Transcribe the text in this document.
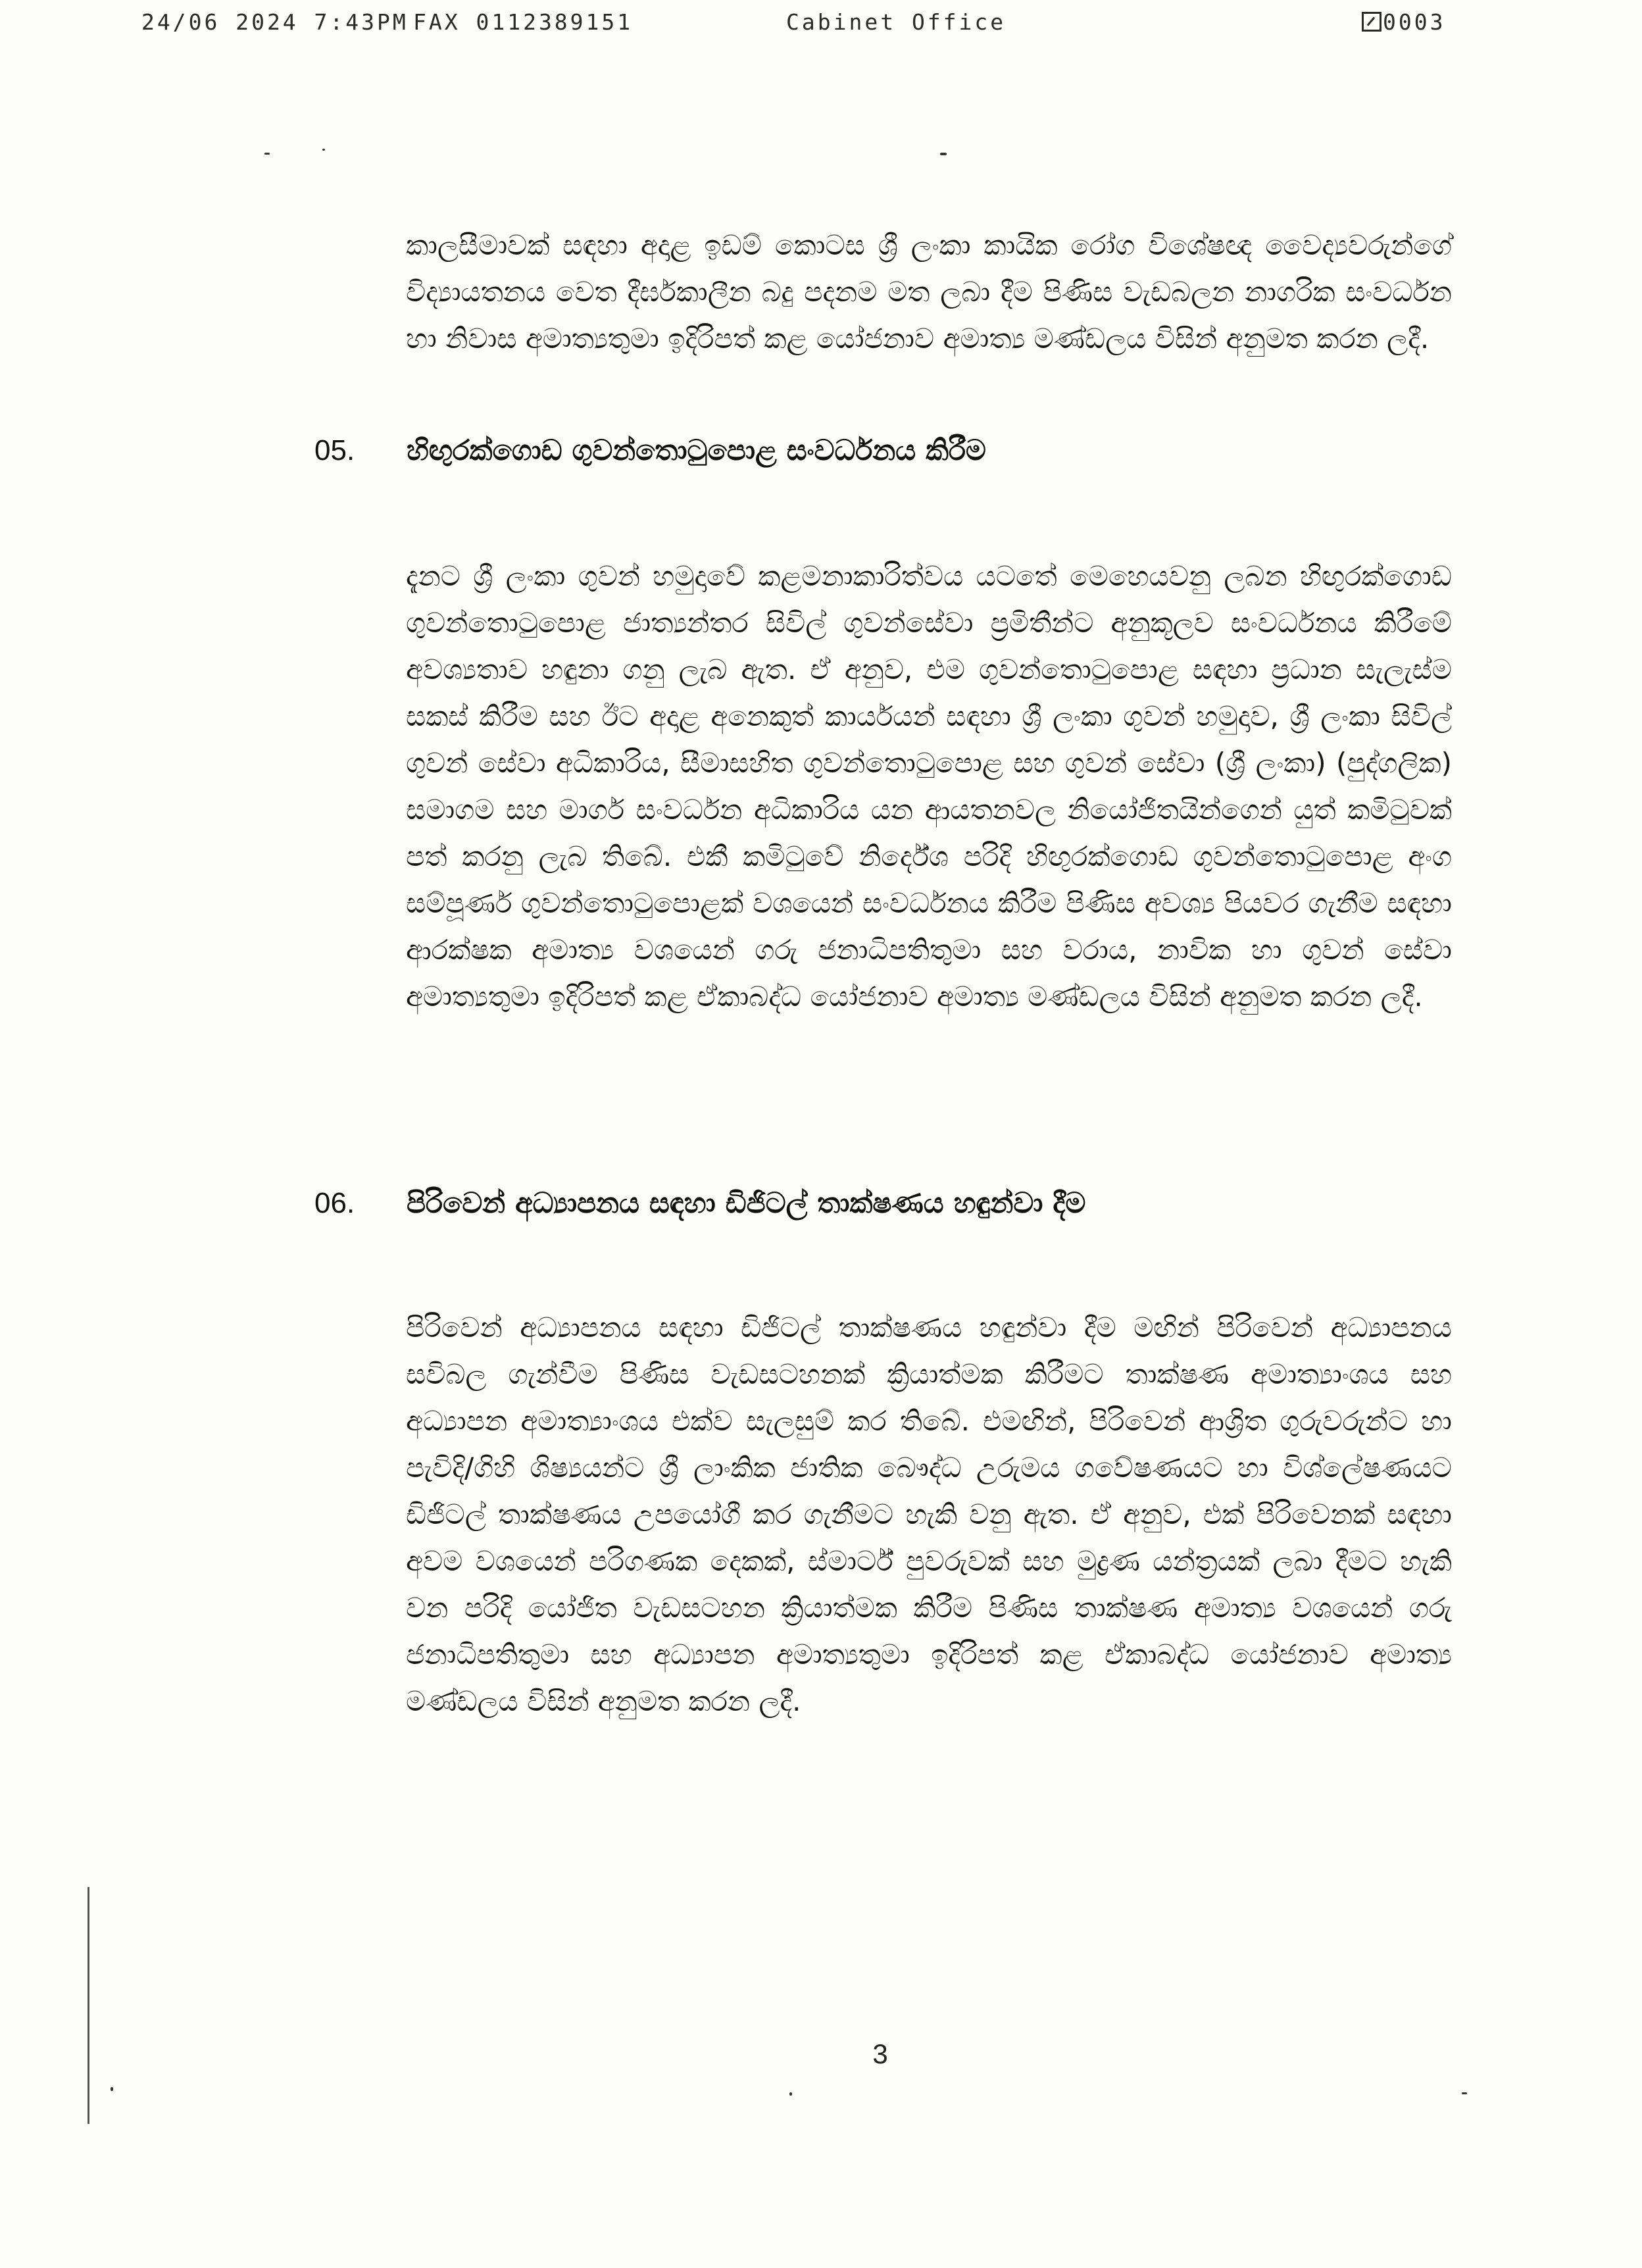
24/06 2024 7:43PM FAX 0112389151	Cabinet Office	0003

කාලසීමාවක් සඳහා අදාළ ඉඩම් කොටස ශ්‍රී ලංකා කායික රෝග විශේෂඥ වෛද්‍යවරුන්ගේ විද්‍යායතනය වෙත දීර්ඝකාලීන බදු පදනම මත ලබා දීම පිණිස වැඩබලන නාගරික සංවර්ධන හා නිවාස අමාත්‍යතුමා ඉදිරිපත් කළ යෝජනාව අමාත්‍ය මණ්ඩලය විසින් අනුමත කරන ලදී.

05. හිඟුරක්ගොඩ ගුවන්තොටුපොළ සංවර්ධනය කිරීම

දැනට ශ්‍රී ලංකා ගුවන් හමුදාවේ කළමනාකාරිත්වය යටතේ මෙහෙයවනු ලබන හිඟුරක්ගොඩ ගුවන්තොටුපොළ ජාත්‍යන්තර සිවිල් ගුවන්සේවා ප්‍රමිතීන්ට අනුකූලව සංවර්ධනය කිරීමේ අවශ්‍යතාව හඳුනා ගනු ලැබ ඇත. ඒ අනුව, එම ගුවන්තොටුපොළ සඳහා ප්‍රධාන සැලැස්ම සකස් කිරීම සහ ඊට අදාළ අනෙකුත් කාර්යයන් සඳහා ශ්‍රී ලංකා ගුවන් හමුදාව, ශ්‍රී ලංකා සිවිල් ගුවන් සේවා අධිකාරිය, සීමාසහිත ගුවන්තොටුපොළ සහ ගුවන් සේවා (ශ්‍රී ලංකා) (පුද්ගලික) සමාගම සහ මාර්ග සංවර්ධන අධිකාරිය යන ආයතනවල නියෝජිතයින්ගෙන් යුත් කමිටුවක් පත් කරනු ලැබ තිබේ. එකී කමිටුවේ නිර්දේශ පරිදි හිඟුරක්ගොඩ ගුවන්තොටුපොළ අංග සම්පූර්ණ ගුවන්තොටුපොළක් වශයෙන් සංවර්ධනය කිරීම පිණිස අවශ්‍ය පියවර ගැනීම සඳහා ආරක්ෂක අමාත්‍ය වශයෙන් ගරු ජනාධිපතිතුමා සහ වරාය, නාවික හා ගුවන් සේවා අමාත්‍යතුමා ඉදිරිපත් කළ ඒකාබද්ධ යෝජනාව අමාත්‍ය මණ්ඩලය විසින් අනුමත කරන ලදී.

06. පිරිවෙන් අධ්‍යාපනය සඳහා ඩිජිටල් තාක්ෂණය හඳුන්වා දීම

පිරිවෙන් අධ්‍යාපනය සඳහා ඩිජිටල් තාක්ෂණය හඳුන්වා දීම මඟින් පිරිවෙන් අධ්‍යාපනය සවිබල ගැන්වීම පිණිස වැඩසටහනක් ක්‍රියාත්මක කිරීමට තාක්ෂණ අමාත්‍යාංශය සහ අධ්‍යාපන අමාත්‍යාංශය එක්ව සැලසුම් කර තිබේ. එමඟින්, පිරිවෙන් ආශ්‍රිත ගුරුවරුන්ට හා පැවිදි/ගිහි ශිෂ්‍යයන්ට ශ්‍රී ලාංකික ජාතික බෞද්ධ උරුමය ගවේෂණයට හා විශ්ලේෂණයට ඩිජිටල් තාක්ෂණය උපයෝගී කර ගැනීමට හැකි වනු ඇත. ඒ අනුව, එක් පිරිවෙනක් සඳහා අවම වශයෙන් පරිගණක දෙකක්, ස්මාර්ට් පුවරුවක් සහ මුද්‍රණ යන්ත්‍රයක් ලබා දීමට හැකි වන පරිදි යෝජිත වැඩසටහන ක්‍රියාත්මක කිරීම පිණිස තාක්ෂණ අමාත්‍ය වශයෙන් ගරු ජනාධිපතිතුමා සහ අධ්‍යාපන අමාත්‍යතුමා ඉදිරිපත් කළ ඒකාබද්ධ යෝජනාව අමාත්‍ය මණ්ඩලය විසින් අනුමත කරන ලදී.

3
